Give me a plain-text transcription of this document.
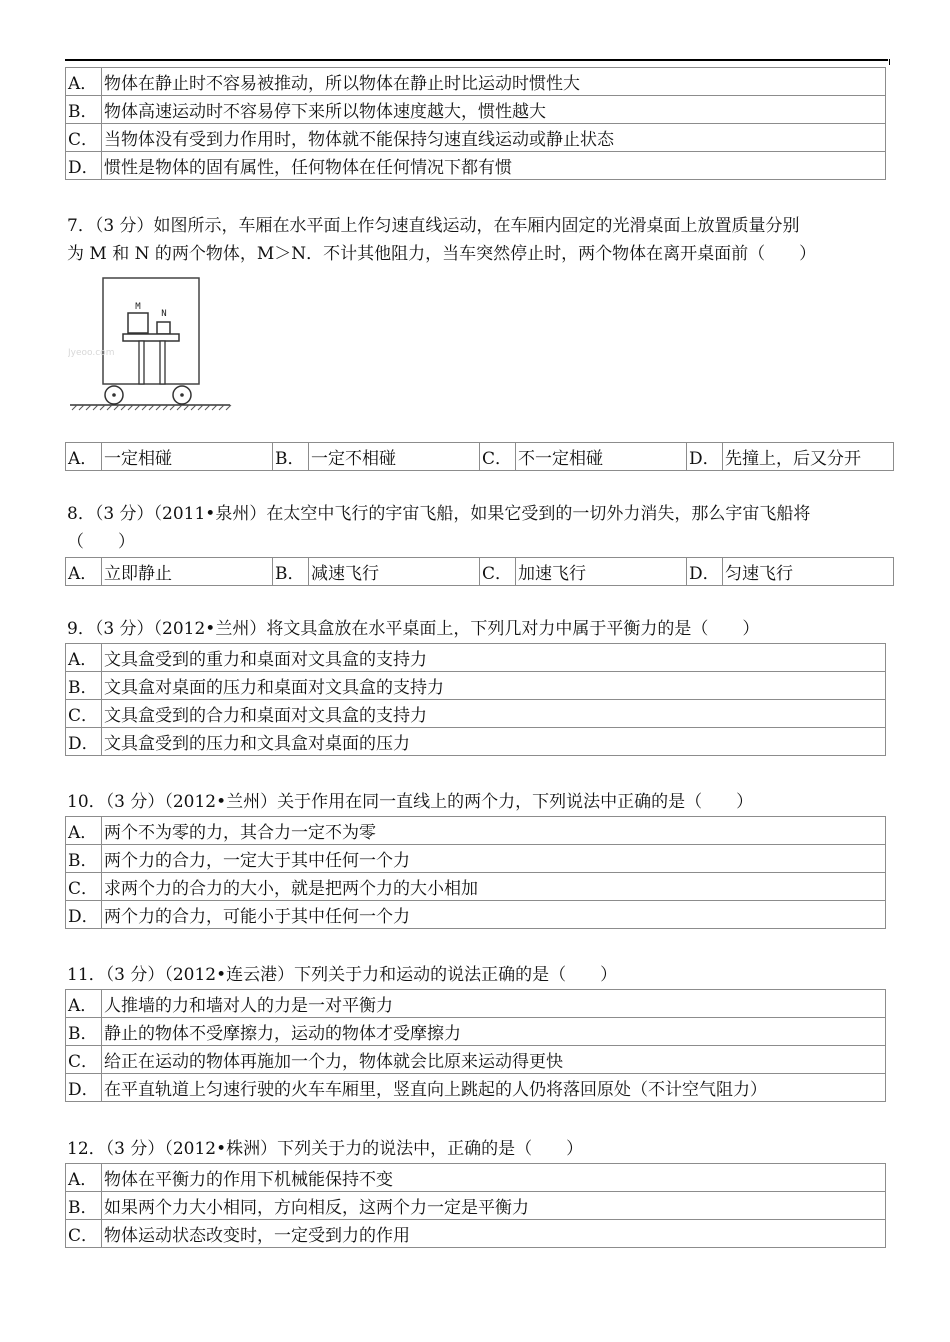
A．	物体在静止时不容易被推动，所以物体在静止时比运动时惯性大
B．	物体高速运动时不容易停下来所以物体速度越大，惯性越大
C．	当物体没有受到力作用时，物体就不能保持匀速直线运动或静止状态
D．	惯性是物体的固有属性，任何物体在任何情况下都有惯
7．（3 分）如图所示，车厢在水平面上作匀速直线运动，在车厢内固定的光滑桌面上放置质量分别
为 M 和 N 的两个物体，M＞N．不计其他阻力，当车突然停止时，两个物体在离开桌面前（　　）
M
N
Jyeoo.com
A．	一定相碰	B．	一定不相碰	C．	不一定相碰	D．	先撞上，后又分开
8．（3 分）（2011•泉州）在太空中飞行的宇宙飞船，如果它受到的一切外力消失，那么宇宙飞船将
（　　）
A．	立即静止	B．	减速飞行	C．	加速飞行	D．	匀速飞行
9．（3 分）（2012•兰州）将文具盒放在水平桌面上，下列几对力中属于平衡力的是（　　）
A．	文具盒受到的重力和桌面对文具盒的支持力
B．	文具盒对桌面的压力和桌面对文具盒的支持力
C．	文具盒受到的合力和桌面对文具盒的支持力
D．	文具盒受到的压力和文具盒对桌面的压力
10．（3 分）（2012•兰州）关于作用在同一直线上的两个力，下列说法中正确的是（　　）
A．	两个不为零的力，其合力一定不为零
B．	两个力的合力，一定大于其中任何一个力
C．	求两个力的合力的大小，就是把两个力的大小相加
D．	两个力的合力，可能小于其中任何一个力
11．（3 分）（2012•连云港）下列关于力和运动的说法正确的是（　　）
A．	人推墙的力和墙对人的力是一对平衡力
B．	静止的物体不受摩擦力，运动的物体才受摩擦力
C．	给正在运动的物体再施加一个力，物体就会比原来运动得更快
D．	在平直轨道上匀速行驶的火车车厢里，竖直向上跳起的人仍将落回原处（不计空气阻力）
12．（3 分）（2012•株洲）下列关于力的说法中，正确的是（　　）
A．	物体在平衡力的作用下机械能保持不变
B．	如果两个力大小相同，方向相反，这两个力一定是平衡力
C．	物体运动状态改变时，一定受到力的作用
